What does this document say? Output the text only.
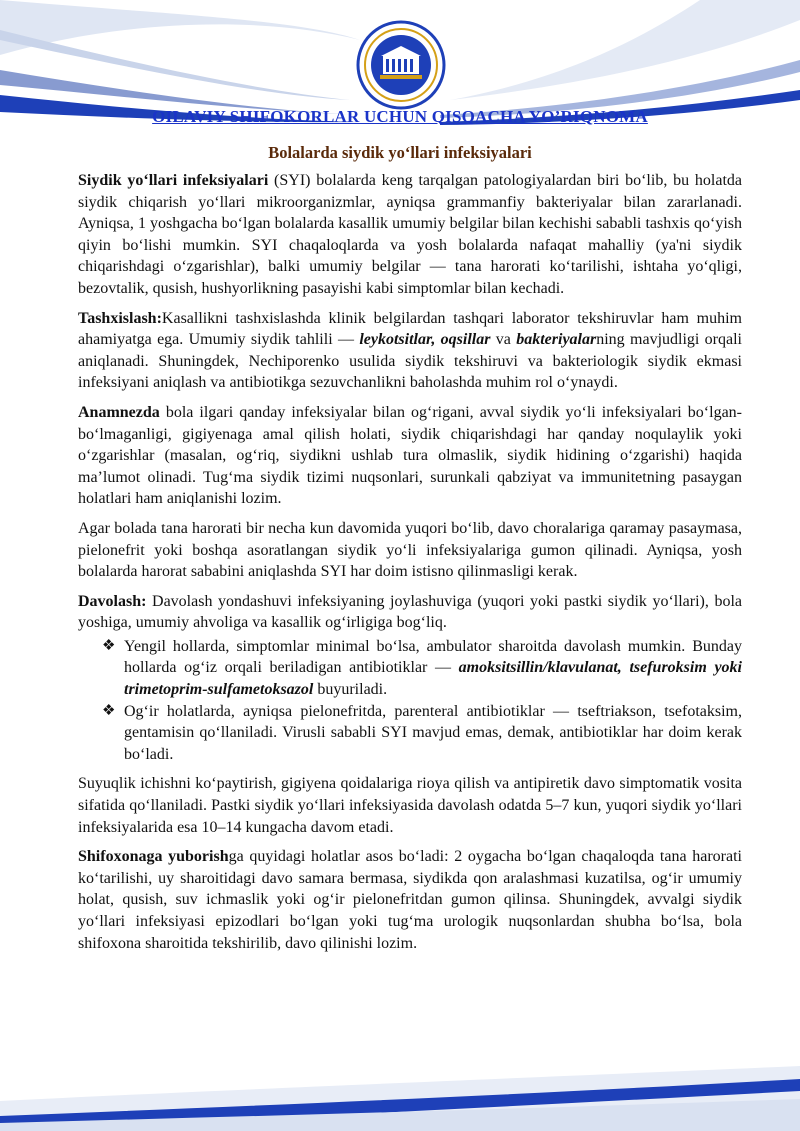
OILAVIY SHIFOKORLAR UCHUN QISQACHA YO’RIQNOMA
Bolalarda siydik yo‘llari infeksiyalari

Siydik yo‘llari infeksiyalari (SYI) bolalarda keng tarqalgan patologiyalardan biri bo‘lib, bu holatda siydik chiqarish yo‘llari mikroorganizmlar, ayniqsa grammanfiy bakteriyalar bilan zararlanadi. Ayniqsa, 1 yoshgacha bo‘lgan bolalarda kasallik umumiy belgilar bilan kechishi sababli tashxis qo‘yish qiyin bo‘lishi mumkin. SYI chaqaloqlarda va yosh bolalarda nafaqat mahalliy (ya'ni siydik chiqarishdagi o‘zgarishlar), balki umumiy belgilar — tana harorati ko‘tarilishi, ishtaha yo‘qligi, bezovtalik, qusish, hushyorlikning pasayishi kabi simptomlar bilan kechadi.

Tashxislash:Kasallikni tashxislashda klinik belgilardan tashqari laborator tekshiruvlar ham muhim ahamiyatga ega. Umumiy siydik tahlili — leykotsitlar, oqsillar va bakteriyalarning mavjudligi orqali aniqlanadi. Shuningdek, Nechiporenko usulida siydik tekshiruvi va bakteriologik siydik ekmasi infeksiyani aniqlash va antibiotikga sezuvchanlikni baholashda muhim rol o‘ynaydi.

Anamnezda bola ilgari qanday infeksiyalar bilan og‘rigani, avval siydik yo‘li infeksiyalari bo‘lgan-bo‘lmaganligi, gigiyenaga amal qilish holati, siydik chiqarishdagi har qanday noqulaylik yoki o‘zgarishlar (masalan, og‘riq, siydikni ushlab tura olmaslik, siydik hidining o‘zgarishi) haqida ma’lumot olinadi. Tug‘ma siydik tizimi nuqsonlari, surunkali qabziyat va immunitetning pasaygan holatlari ham aniqlanishi lozim.

Agar bolada tana harorati bir necha kun davomida yuqori bo‘lib, davo choralariga qaramay pasaymasa, pielonefrit yoki boshqa asoratlangan siydik yo‘li infeksiyalariga gumon qilinadi. Ayniqsa, yosh bolalarda harorat sababini aniqlashda SYI har doim istisno qilinmasligi kerak.

Davolash: Davolash yondashuvi infeksiyaning joylashuviga (yuqori yoki pastki siydik yo‘llari), bola yoshiga, umumiy ahvoliga va kasallik og‘irligiga bog‘liq.

❖ Yengil hollarda, simptomlar minimal bo‘lsa, ambulator sharoitda davolash mumkin. Bunday hollarda og‘iz orqali beriladigan antibiotiklar — amoksitsillin/klavulanat, tsefuroksim yoki trimetoprim-sulfametoksazol buyuriladi.
❖ Og‘ir holatlarda, ayniqsa pielonefritda, parenteral antibiotiklar — tseftriakson, tsefotaksim, gentamisin qo‘llaniladi. Virusli sababli SYI mavjud emas, demak, antibiotiklar har doim kerak bo‘ladi.

Suyuqlik ichishni ko‘paytirish, gigiyena qoidalariga rioya qilish va antipiretik davo simptomatik vosita sifatida qo‘llaniladi. Pastki siydik yo‘llari infeksiyasida davolash odatda 5–7 kun, yuqori siydik yo‘llari infeksiyalarida esa 10–14 kungacha davom etadi.

Shifoxonaga yuborishga quyidagi holatlar asos bo‘ladi: 2 oygacha bo‘lgan chaqaloqda tana harorati ko‘tarilishi, uy sharoitidagi davo samara bermasa, siydikda qon aralashmasi kuzatilsa, og‘ir umumiy holat, qusish, suv ichmaslik yoki og‘ir pielonefritdan gumon qilinsa. Shuningdek, avvalgi siydik yo‘llari infeksiyasi epizodlari bo‘lgan yoki tug‘ma urologik nuqsonlardan shubha bo‘lsa, bola shifoxona sharoitida tekshirilib, davo qilinishi lozim.
